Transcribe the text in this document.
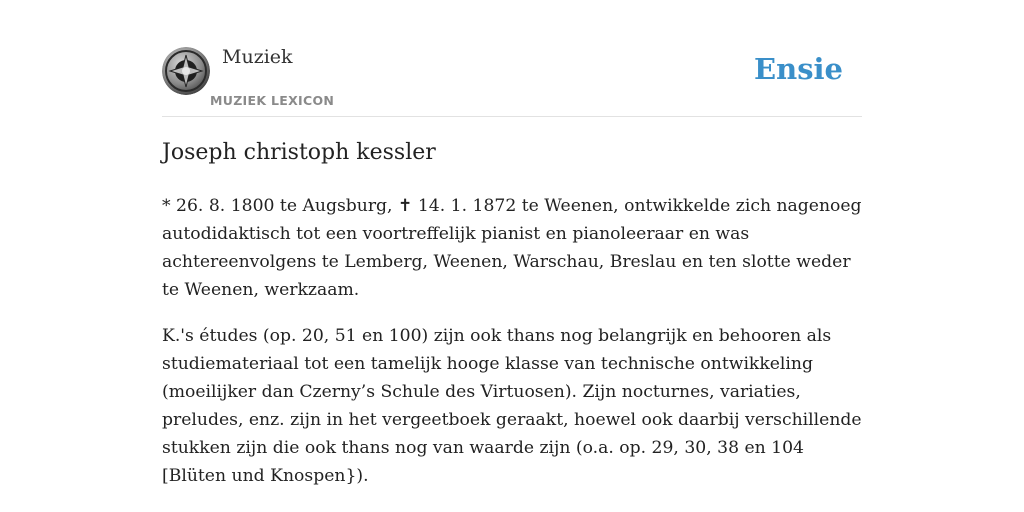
Muziek
MUZIEK LEXICON
Ensie
Joseph christoph kessler

* 26. 8. 1800 te Augsburg, ✝ 14. 1. 1872 te Weenen, ontwikkelde zich nagenoeg autodidaktisch tot een voortreffelijk pianist en pianoleeraar en was achtereenvolgens te Lemberg, Weenen, Warschau, Breslau en ten slotte weder te Weenen, werkzaam.

K.'s études (op. 20, 51 en 100) zijn ook thans nog belangrijk en behooren als studiemateriaal tot een tamelijk hooge klasse van technische ontwikkeling (moeilijker dan Czerny’s Schule des Virtuosen). Zijn nocturnes, variaties, preludes, enz. zijn in het vergeetboek geraakt, hoewel ook daarbij verschillende stukken zijn die ook thans nog van waarde zijn (o.a. op. 29, 30, 38 en 104 [Blüten und Knospen}).
